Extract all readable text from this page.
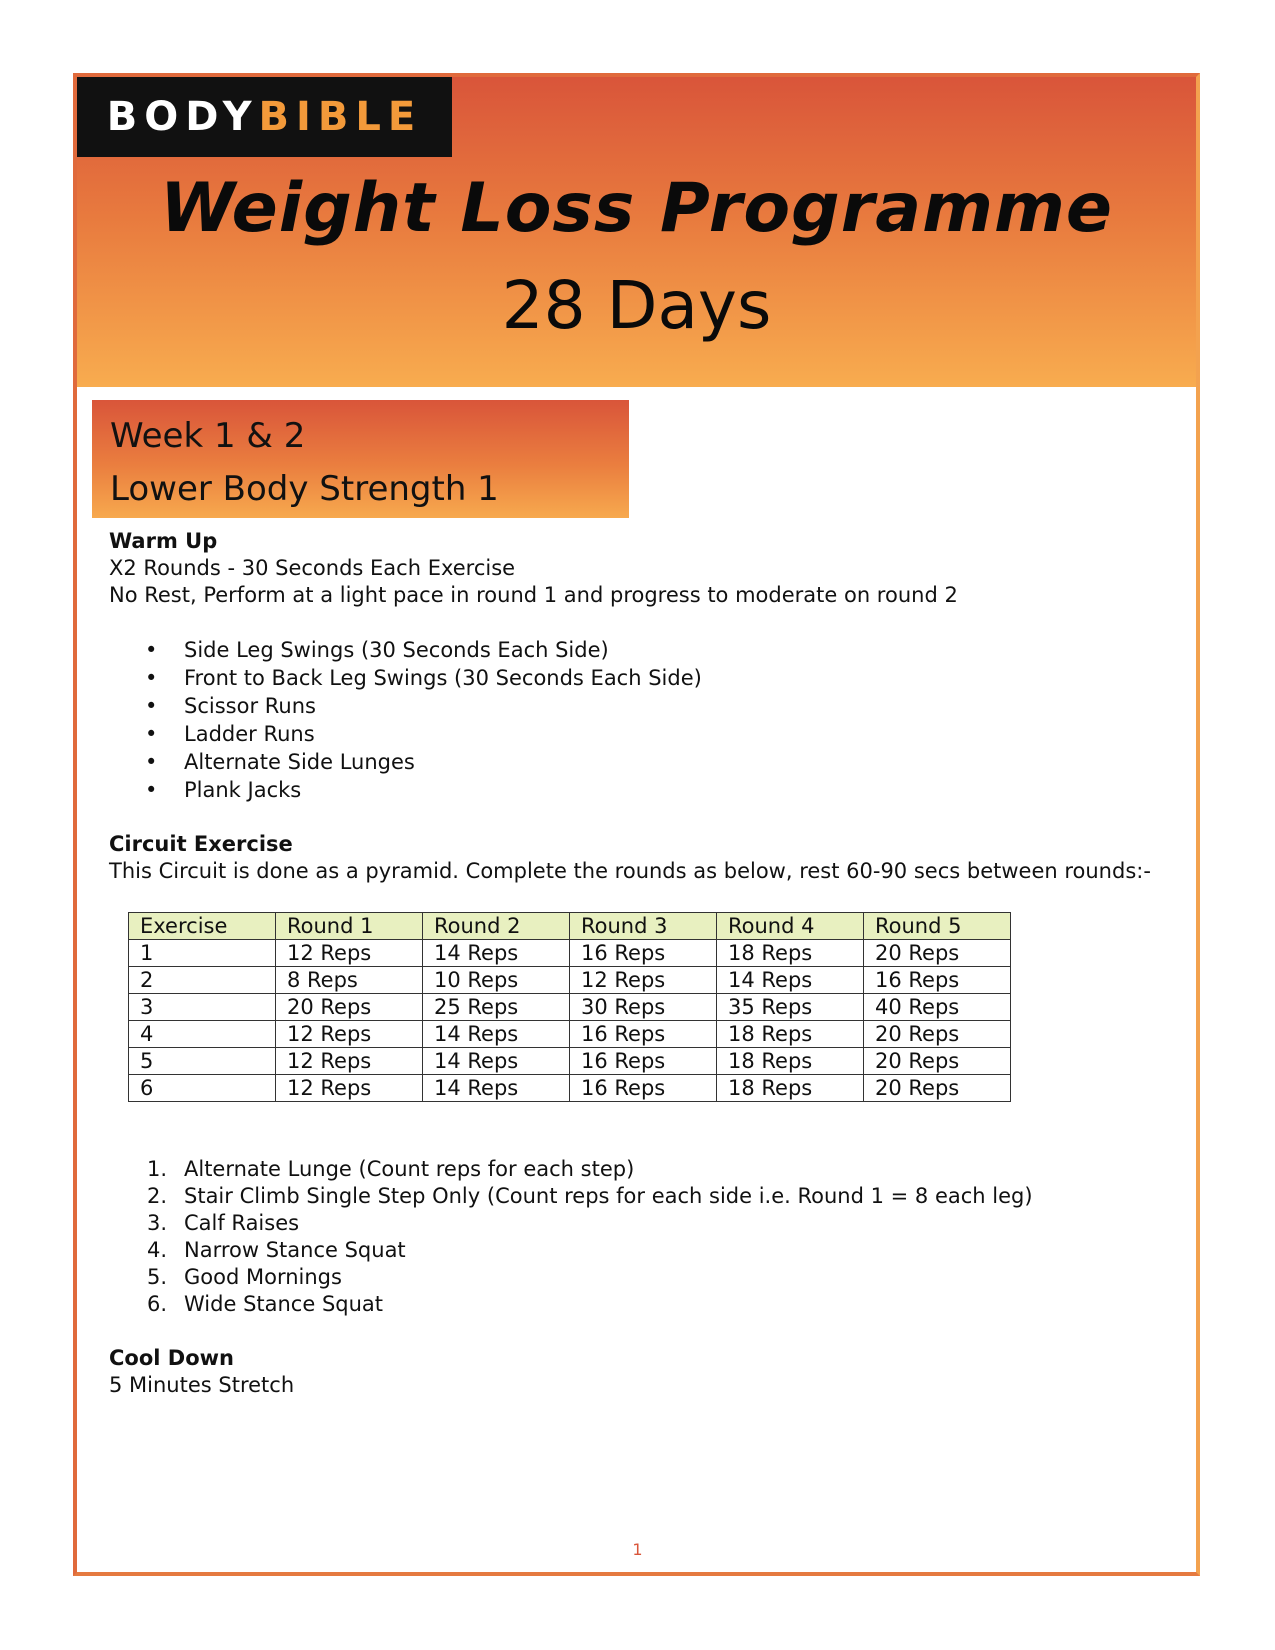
BODY BIBLE
Weight Loss Programme
28 Days
Week 1 & 2
Lower Body Strength 1

Warm Up

X2 Rounds - 30 Seconds Each Exercise

No Rest, Perform at a light pace in round 1 and progress to moderate on round 2

• Side Leg Swings (30 Seconds Each Side)
• Front to Back Leg Swings (30 Seconds Each Side)
• Scissor Runs
• Ladder Runs
• Alternate Side Lunges
• Plank Jacks

Circuit Exercise

This Circuit is done as a pyramid. Complete the rounds as below, rest 60-90 secs between rounds:-

Exercise	Round 1	Round 2	Round 3	Round 4	Round 5
1	12 Reps	14 Reps	16 Reps	18 Reps	20 Reps
2	8 Reps	10 Reps	12 Reps	14 Reps	16 Reps
3	20 Reps	25 Reps	30 Reps	35 Reps	40 Reps
4	12 Reps	14 Reps	16 Reps	18 Reps	20 Reps
5	12 Reps	14 Reps	16 Reps	18 Reps	20 Reps
6	12 Reps	14 Reps	16 Reps	18 Reps	20 Reps
1. Alternate Lunge (Count reps for each step)
2. Stair Climb Single Step Only (Count reps for each side i.e. Round 1 = 8 each leg)
3. Calf Raises
4. Narrow Stance Squat
5. Good Mornings
6. Wide Stance Squat

Cool Down

5 Minutes Stretch

1
